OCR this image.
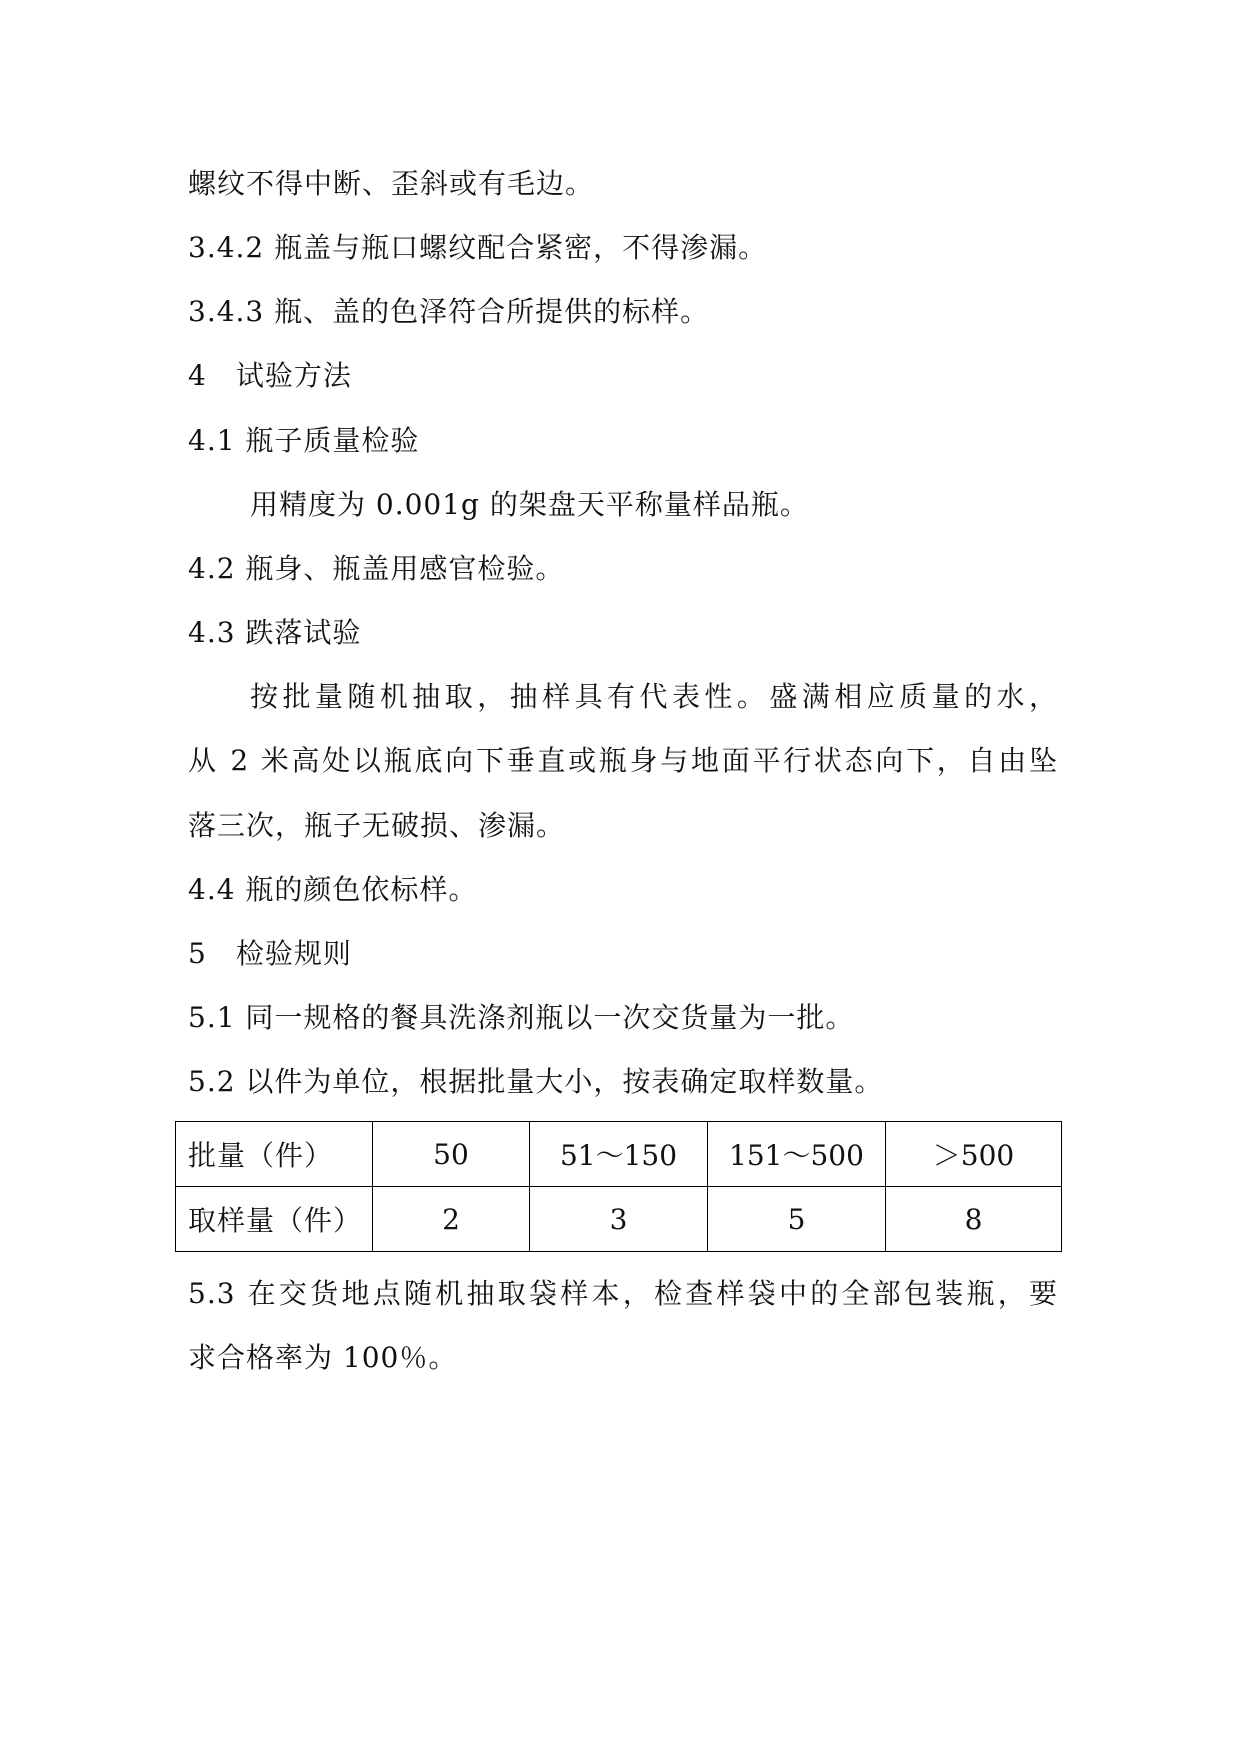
螺纹不得中断、歪斜或有毛边。
3.4.2 瓶盖与瓶口螺纹配合紧密，不得渗漏。
3.4.3 瓶、盖的色泽符合所提供的标样。
4　试验方法
4.1 瓶子质量检验
用精度为 0.001g 的架盘天平称量样品瓶。
4.2 瓶身、瓶盖用感官检验。
4.3 跌落试验
按批量随机抽取，抽样具有代表性。盛满相应质量的水，
从 2 米高处以瓶底向下垂直或瓶身与地面平行状态向下，自由坠
落三次，瓶子无破损、渗漏。
4.4 瓶的颜色依标样。
5　检验规则
5.1 同一规格的餐具洗涤剂瓶以一次交货量为一批。
5.2 以件为单位，根据批量大小，按表确定取样数量。
批量（件）	50	51～150	151～500	＞500
取样量（件）	2	3	5	8
5.3 在交货地点随机抽取袋样本，检查样袋中的全部包装瓶，要
求合格率为 100％。
